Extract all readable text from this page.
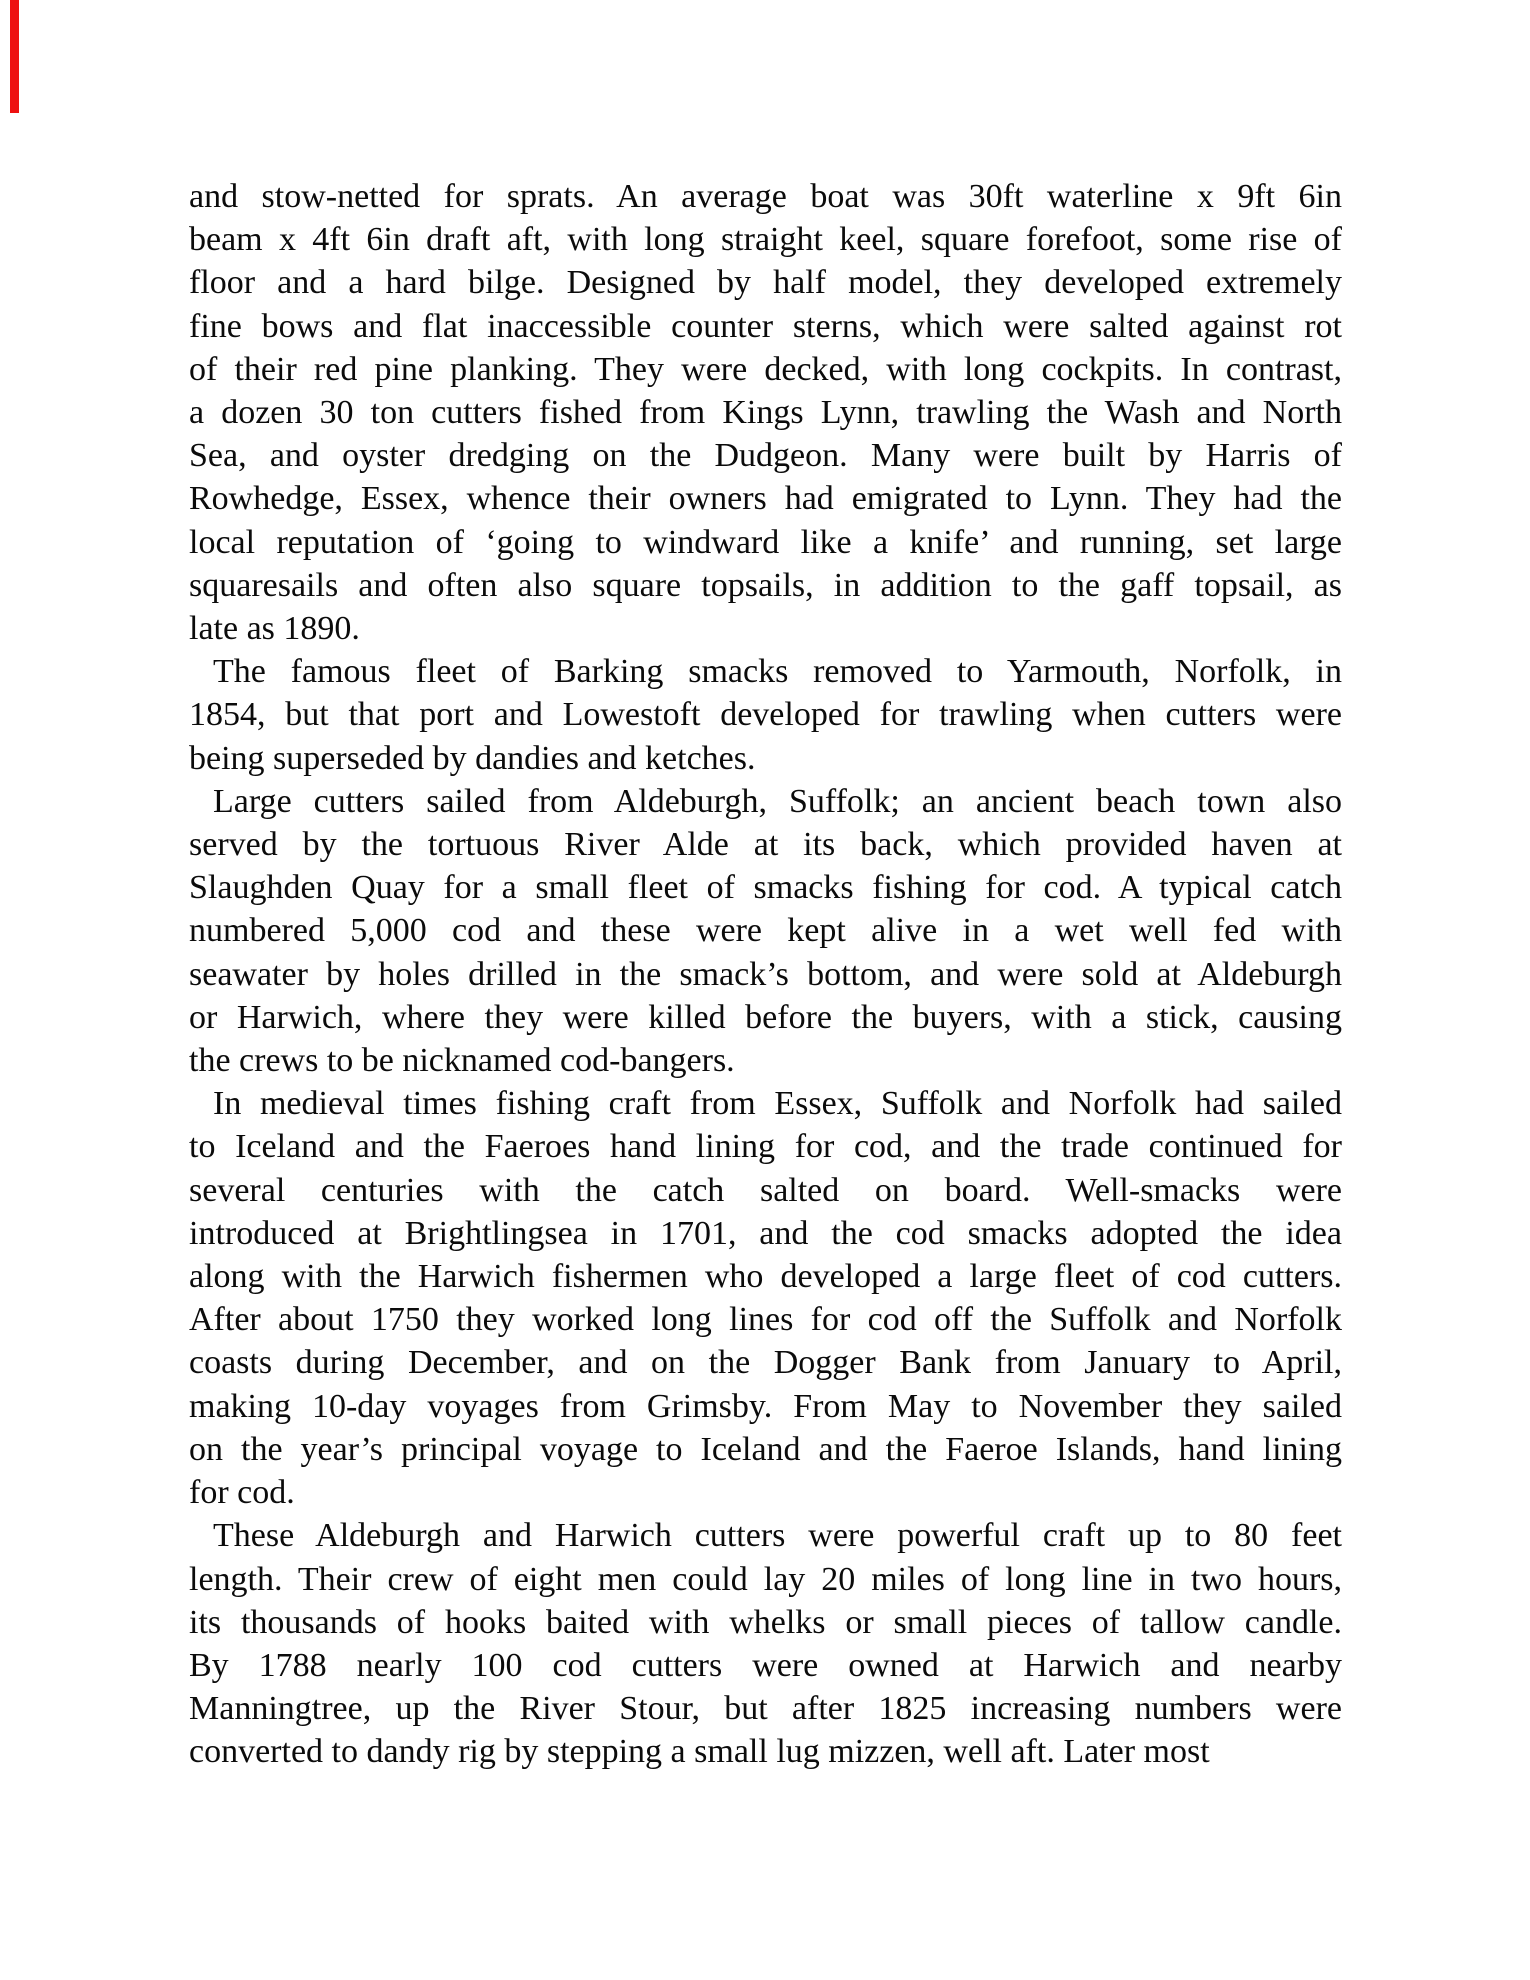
and stow-netted for sprats. An average boat was 30ft waterline x 9ft 6in
beam x 4ft 6in draft aft, with long straight keel, square forefoot, some rise of
floor and a hard bilge. Designed by half model, they developed extremely
fine bows and flat inaccessible counter sterns, which were salted against rot
of their red pine planking. They were decked, with long cockpits. In contrast,
a dozen 30 ton cutters fished from Kings Lynn, trawling the Wash and North
Sea, and oyster dredging on the Dudgeon. Many were built by Harris of
Rowhedge, Essex, whence their owners had emigrated to Lynn. They had the
local reputation of ‘going to windward like a knife’ and running, set large
squaresails and often also square topsails, in addition to the gaff topsail, as
late as 1890.
The famous fleet of Barking smacks removed to Yarmouth, Norfolk, in
1854, but that port and Lowestoft developed for trawling when cutters were
being superseded by dandies and ketches.
Large cutters sailed from Aldeburgh, Suffolk; an ancient beach town also
served by the tortuous River Alde at its back, which provided haven at
Slaughden Quay for a small fleet of smacks fishing for cod. A typical catch
numbered 5,000 cod and these were kept alive in a wet well fed with
seawater by holes drilled in the smack’s bottom, and were sold at Aldeburgh
or Harwich, where they were killed before the buyers, with a stick, causing
the crews to be nicknamed cod-bangers.
In medieval times fishing craft from Essex, Suffolk and Norfolk had sailed
to Iceland and the Faeroes hand lining for cod, and the trade continued for
several centuries with the catch salted on board. Well-smacks were
introduced at Brightlingsea in 1701, and the cod smacks adopted the idea
along with the Harwich fishermen who developed a large fleet of cod cutters.
After about 1750 they worked long lines for cod off the Suffolk and Norfolk
coasts during December, and on the Dogger Bank from January to April,
making 10-day voyages from Grimsby. From May to November they sailed
on the year’s principal voyage to Iceland and the Faeroe Islands, hand lining
for cod.
These Aldeburgh and Harwich cutters were powerful craft up to 80 feet
length. Their crew of eight men could lay 20 miles of long line in two hours,
its thousands of hooks baited with whelks or small pieces of tallow candle.
By 1788 nearly 100 cod cutters were owned at Harwich and nearby
Manningtree, up the River Stour, but after 1825 increasing numbers were
converted to dandy rig by stepping a small lug mizzen, well aft. Later most
